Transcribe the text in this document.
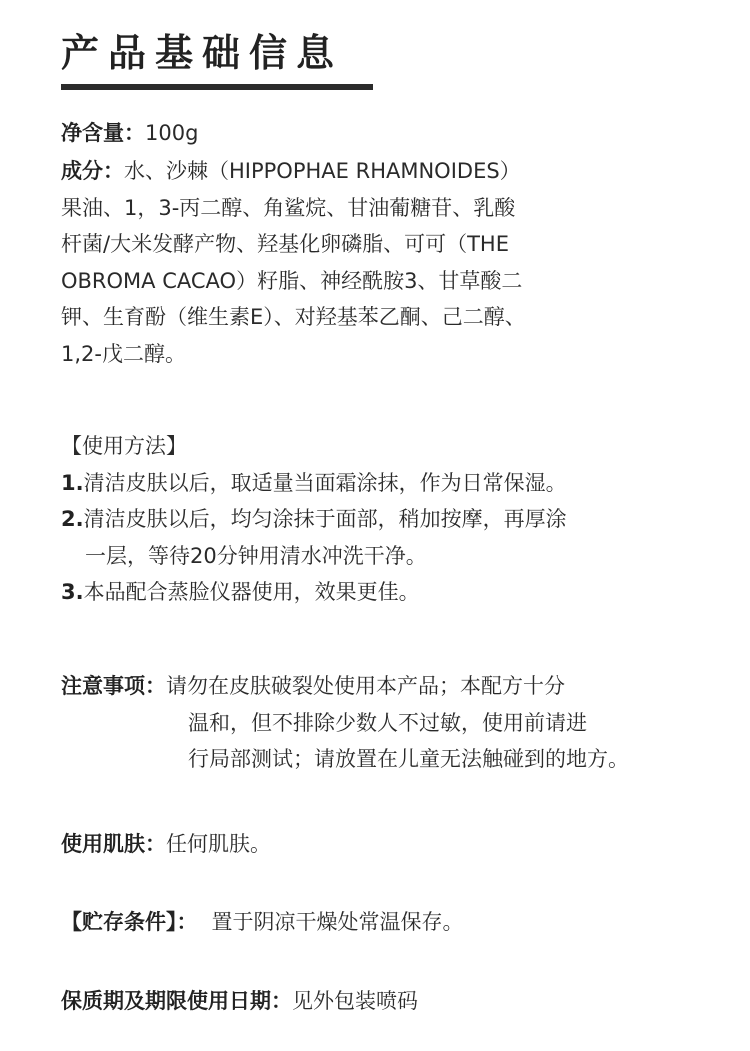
产品基础信息
净含量：100g
成分：水、沙棘（HIPPOPHAE RHAMNOIDES）
果油、1，3-丙二醇、角鲨烷、甘油葡糖苷、乳酸
杆菌/大米发酵产物、羟基化卵磷脂、可可（THE
OBROMA CACAO）籽脂、神经酰胺3、甘草酸二
钾、生育酚（维生素E）、对羟基苯乙酮、己二醇、
1,2-戊二醇。
【使用方法】
1.清洁皮肤以后，取适量当面霜涂抹，作为日常保湿。
2.清洁皮肤以后，均匀涂抹于面部，稍加按摩，再厚涂
一层，等待20分钟用清水冲洗干净。
3.本品配合蒸脸仪器使用，效果更佳。
注意事项：请勿在皮肤破裂处使用本产品；本配方十分
温和，但不排除少数人不过敏，使用前请进
行局部测试；请放置在儿童无法触碰到的地方。
使用肌肤：任何肌肤。
【贮存条件】： 置于阴凉干燥处常温保存。
保质期及期限使用日期：见外包装喷码
